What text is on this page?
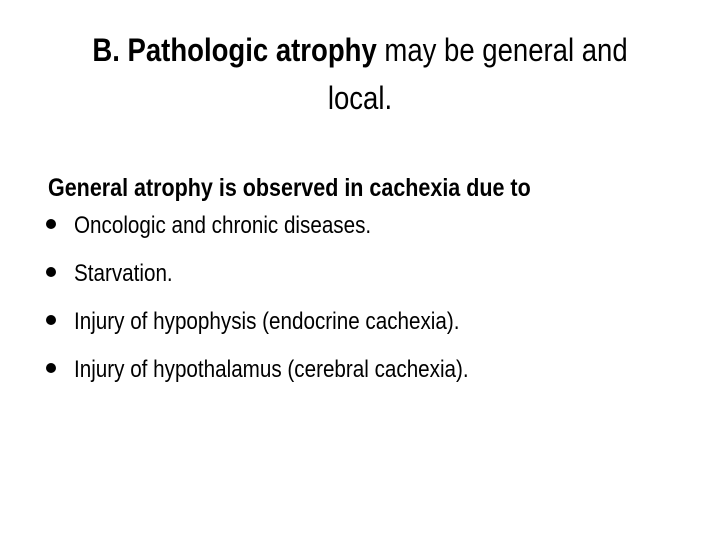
B. Pathologic atrophy may be general and local.
General atrophy is observed in cachexia due to
Oncologic and chronic diseases.
Starvation.
Injury of hypophysis (endocrine cachexia).
Injury of hypothalamus (cerebral cachexia).
